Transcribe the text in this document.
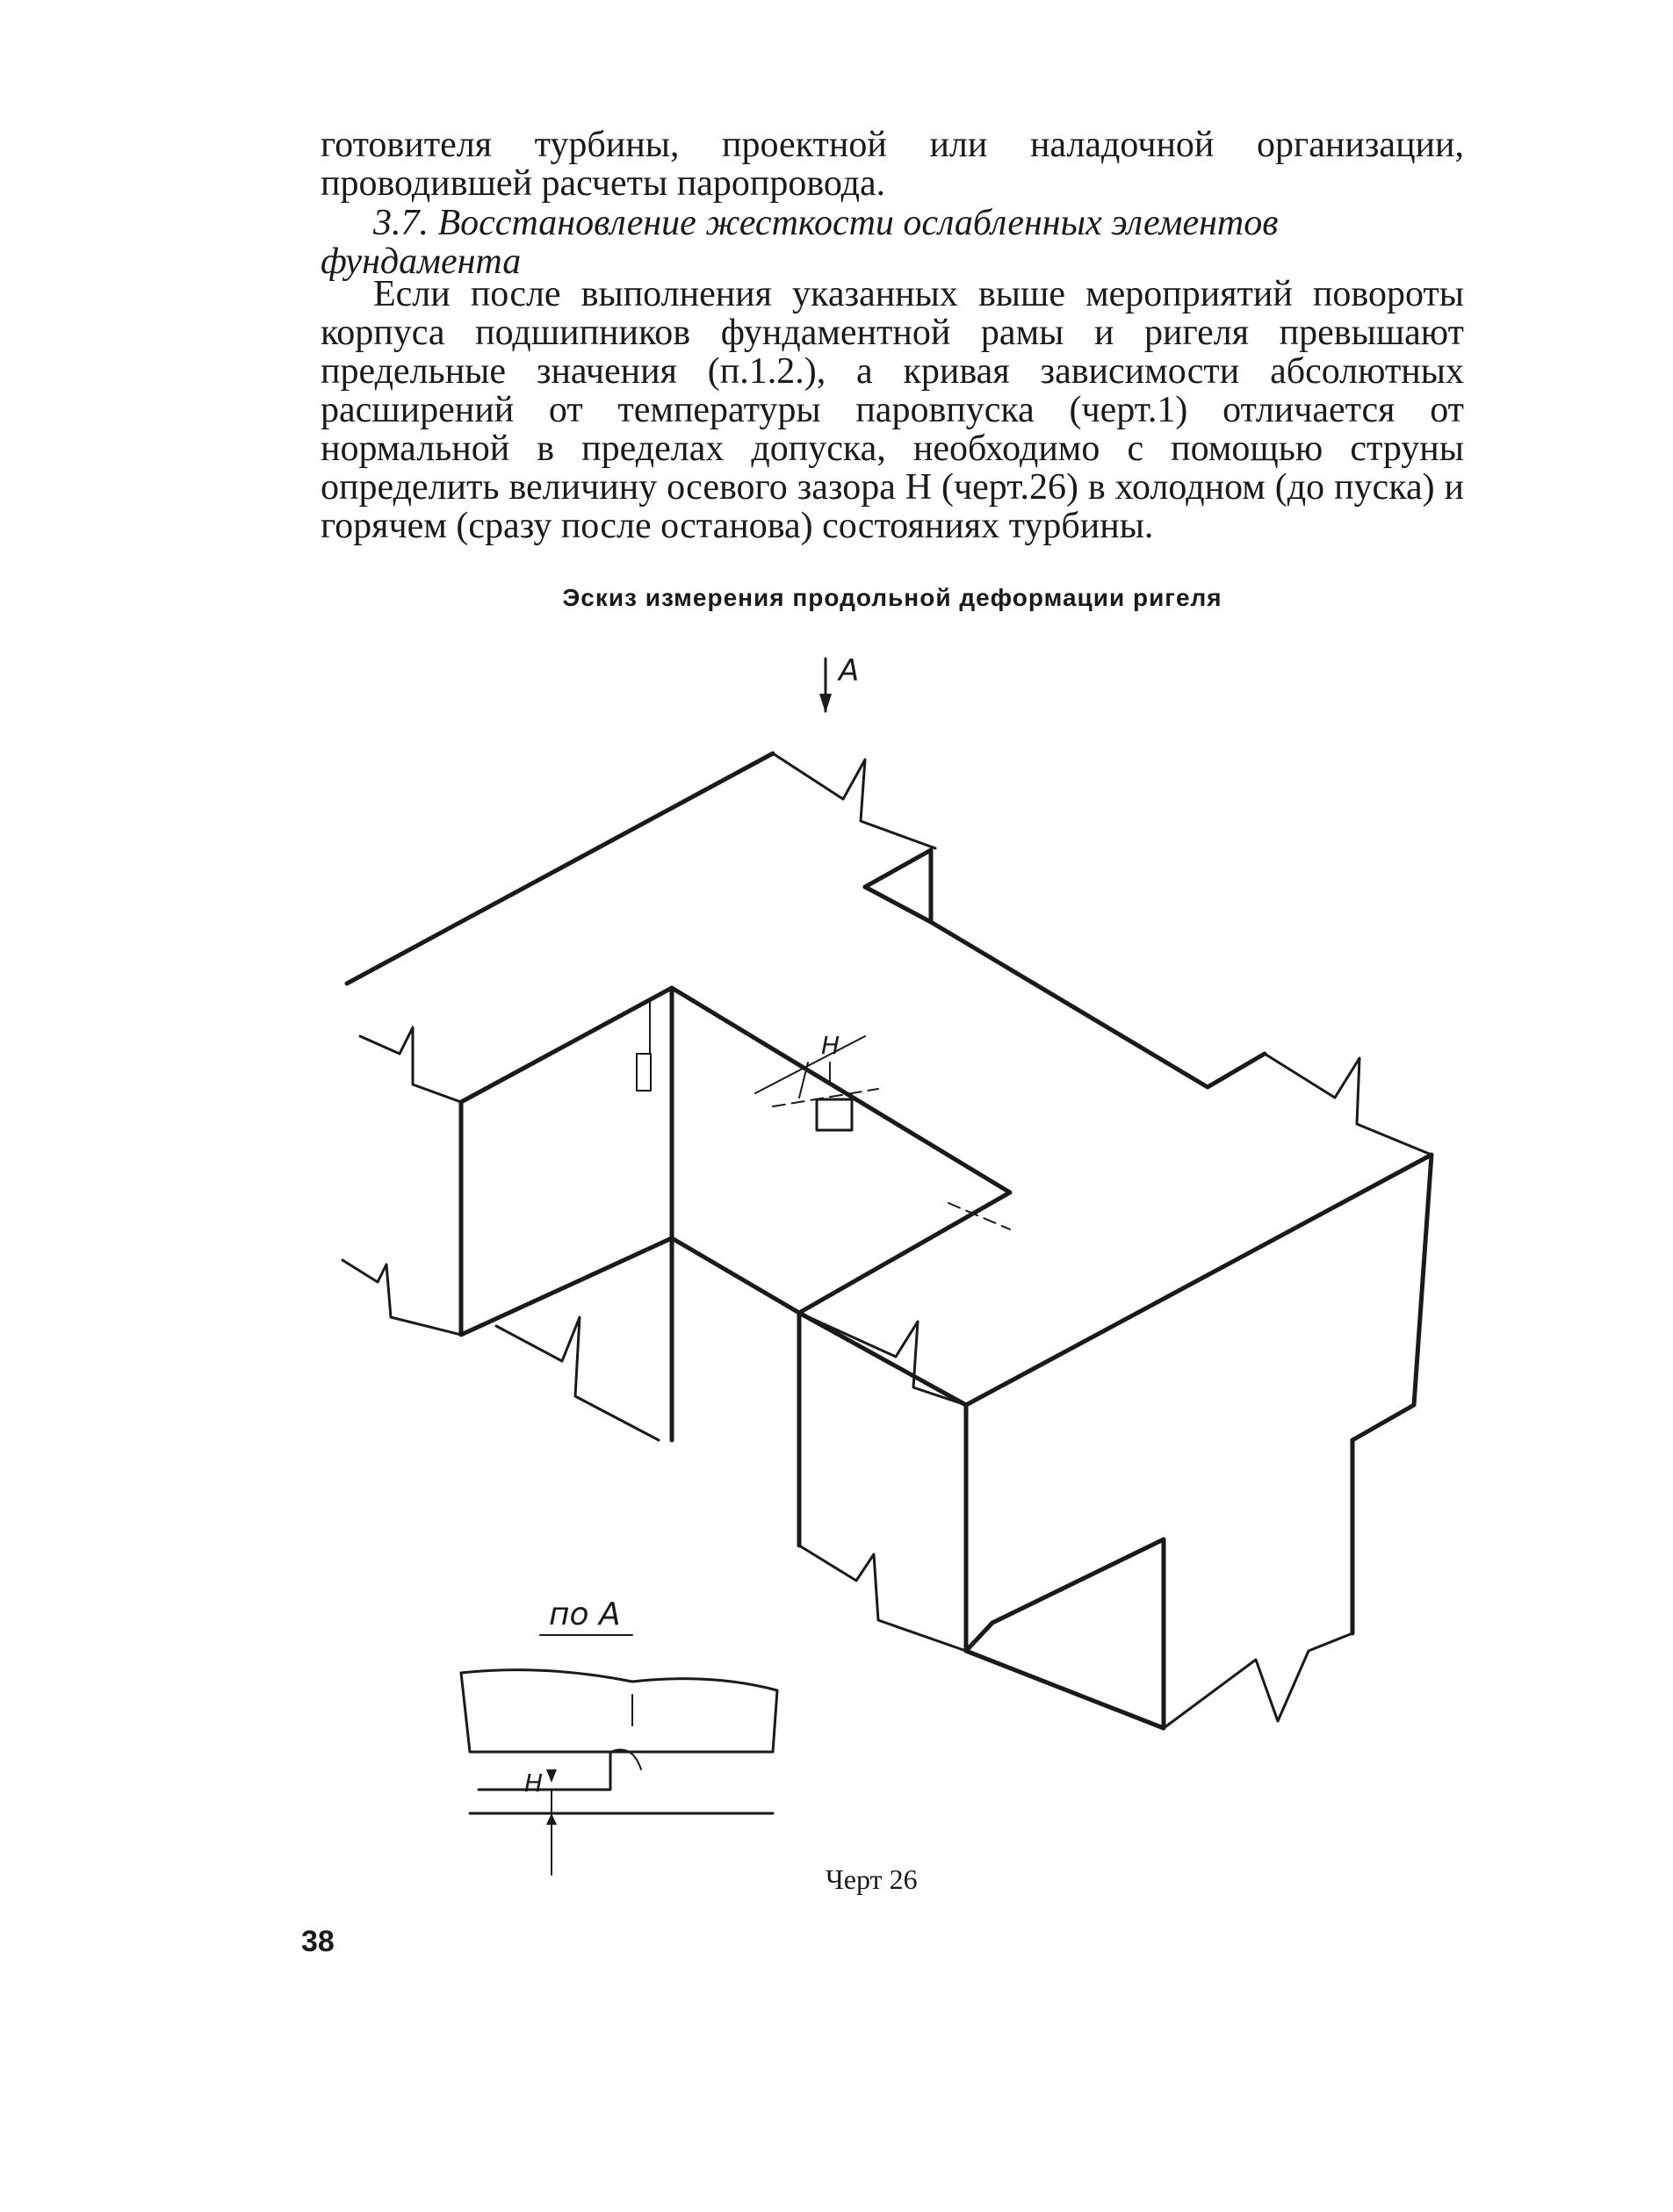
готовителя турбины, проектной или наладочной организации, проводившей расчеты паропровода.
3.7. Восстановление жесткости ослабленных элементов фундамента
Если после выполнения указанных выше мероприятий повороты корпуса подшипников фундаментной рамы и ригеля превышают предельные значения (п.1.2.), а кривая зависимости абсолютных расширений от температуры паровпуска (черт.1) отличается от нормальной в пределах допуска, необходимо с помощью струны определить величину осевого зазора Н (черт.26) в холодном (до пуска) и горячем (сразу после останова) состояниях турбины.
Эскиз измерения продольной деформации ригеля
A
H
по A
H
Черт 26
38
